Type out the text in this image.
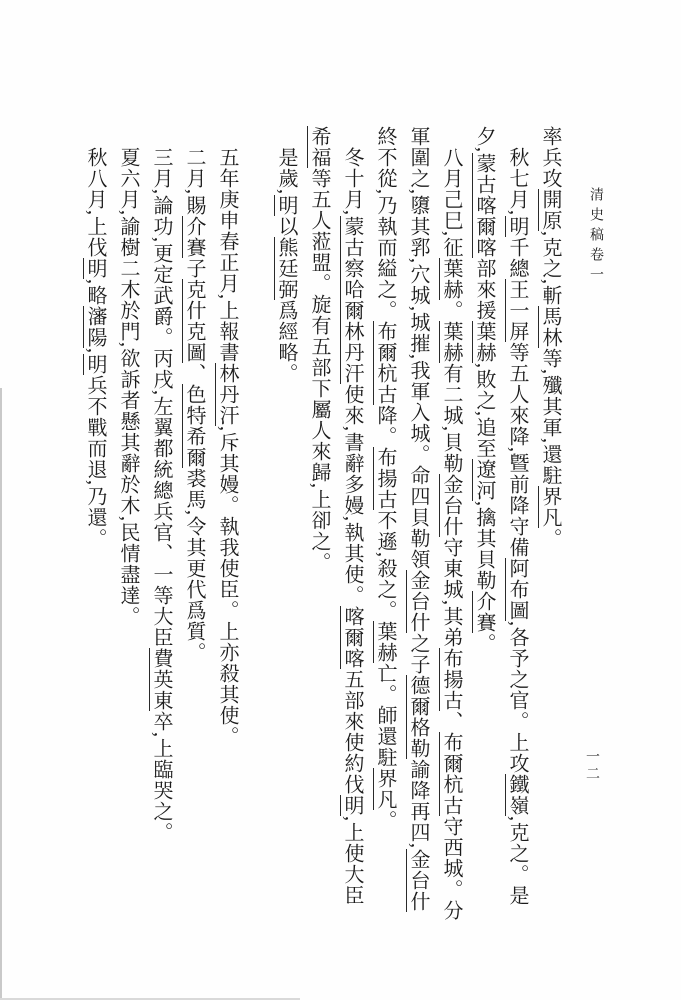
清史稿卷一

率兵攻開原,克之,斬馬林等,殲其軍,還駐界凡。

秋七月,明千總王一屏等五人來降,曁前降守備阿布圖,各予之官。上攻鐵嶺,克之。是夕,蒙古喀爾喀部來援葉赫,敗之,追至遼河,擒其貝勒介賽。

八月己巳,征葉赫。葉赫有二城,貝勒金台什守東城,其弟布揚古、布爾杭古守西城。分軍圍之,隳其郛,穴城,城摧,我軍入城。命四貝勒領金台什之子德爾格勒諭降再四,金台什終不從,乃執而縊之。布爾杭古降。布揚古不遜,殺之。葉赫亡。師還駐界凡。

冬十月,蒙古察哈爾林丹汗使來,書辭多嫚,執其使。喀爾喀五部來使約伐明,上使大臣希福等五人蒞盟。旋有五部下屬人來歸,上卻之。

是歲,明以熊廷弼爲經略。

五年庚申春正月,上報書林丹汗,斥其嫚。執我使臣。上亦殺其使。

二月,賜介賽子克什克圖、色特希爾裘馬,令其更代爲質。

三月,論功,更定武爵。丙戌,左翼都統總兵官、一等大臣費英東卒,上臨哭之。

夏六月,諭樹二木於門,欲訴者懸其辭於木,民情盡達。

秋八月,上伐明,略瀋陽,明兵不戰而退,乃還。

一二
